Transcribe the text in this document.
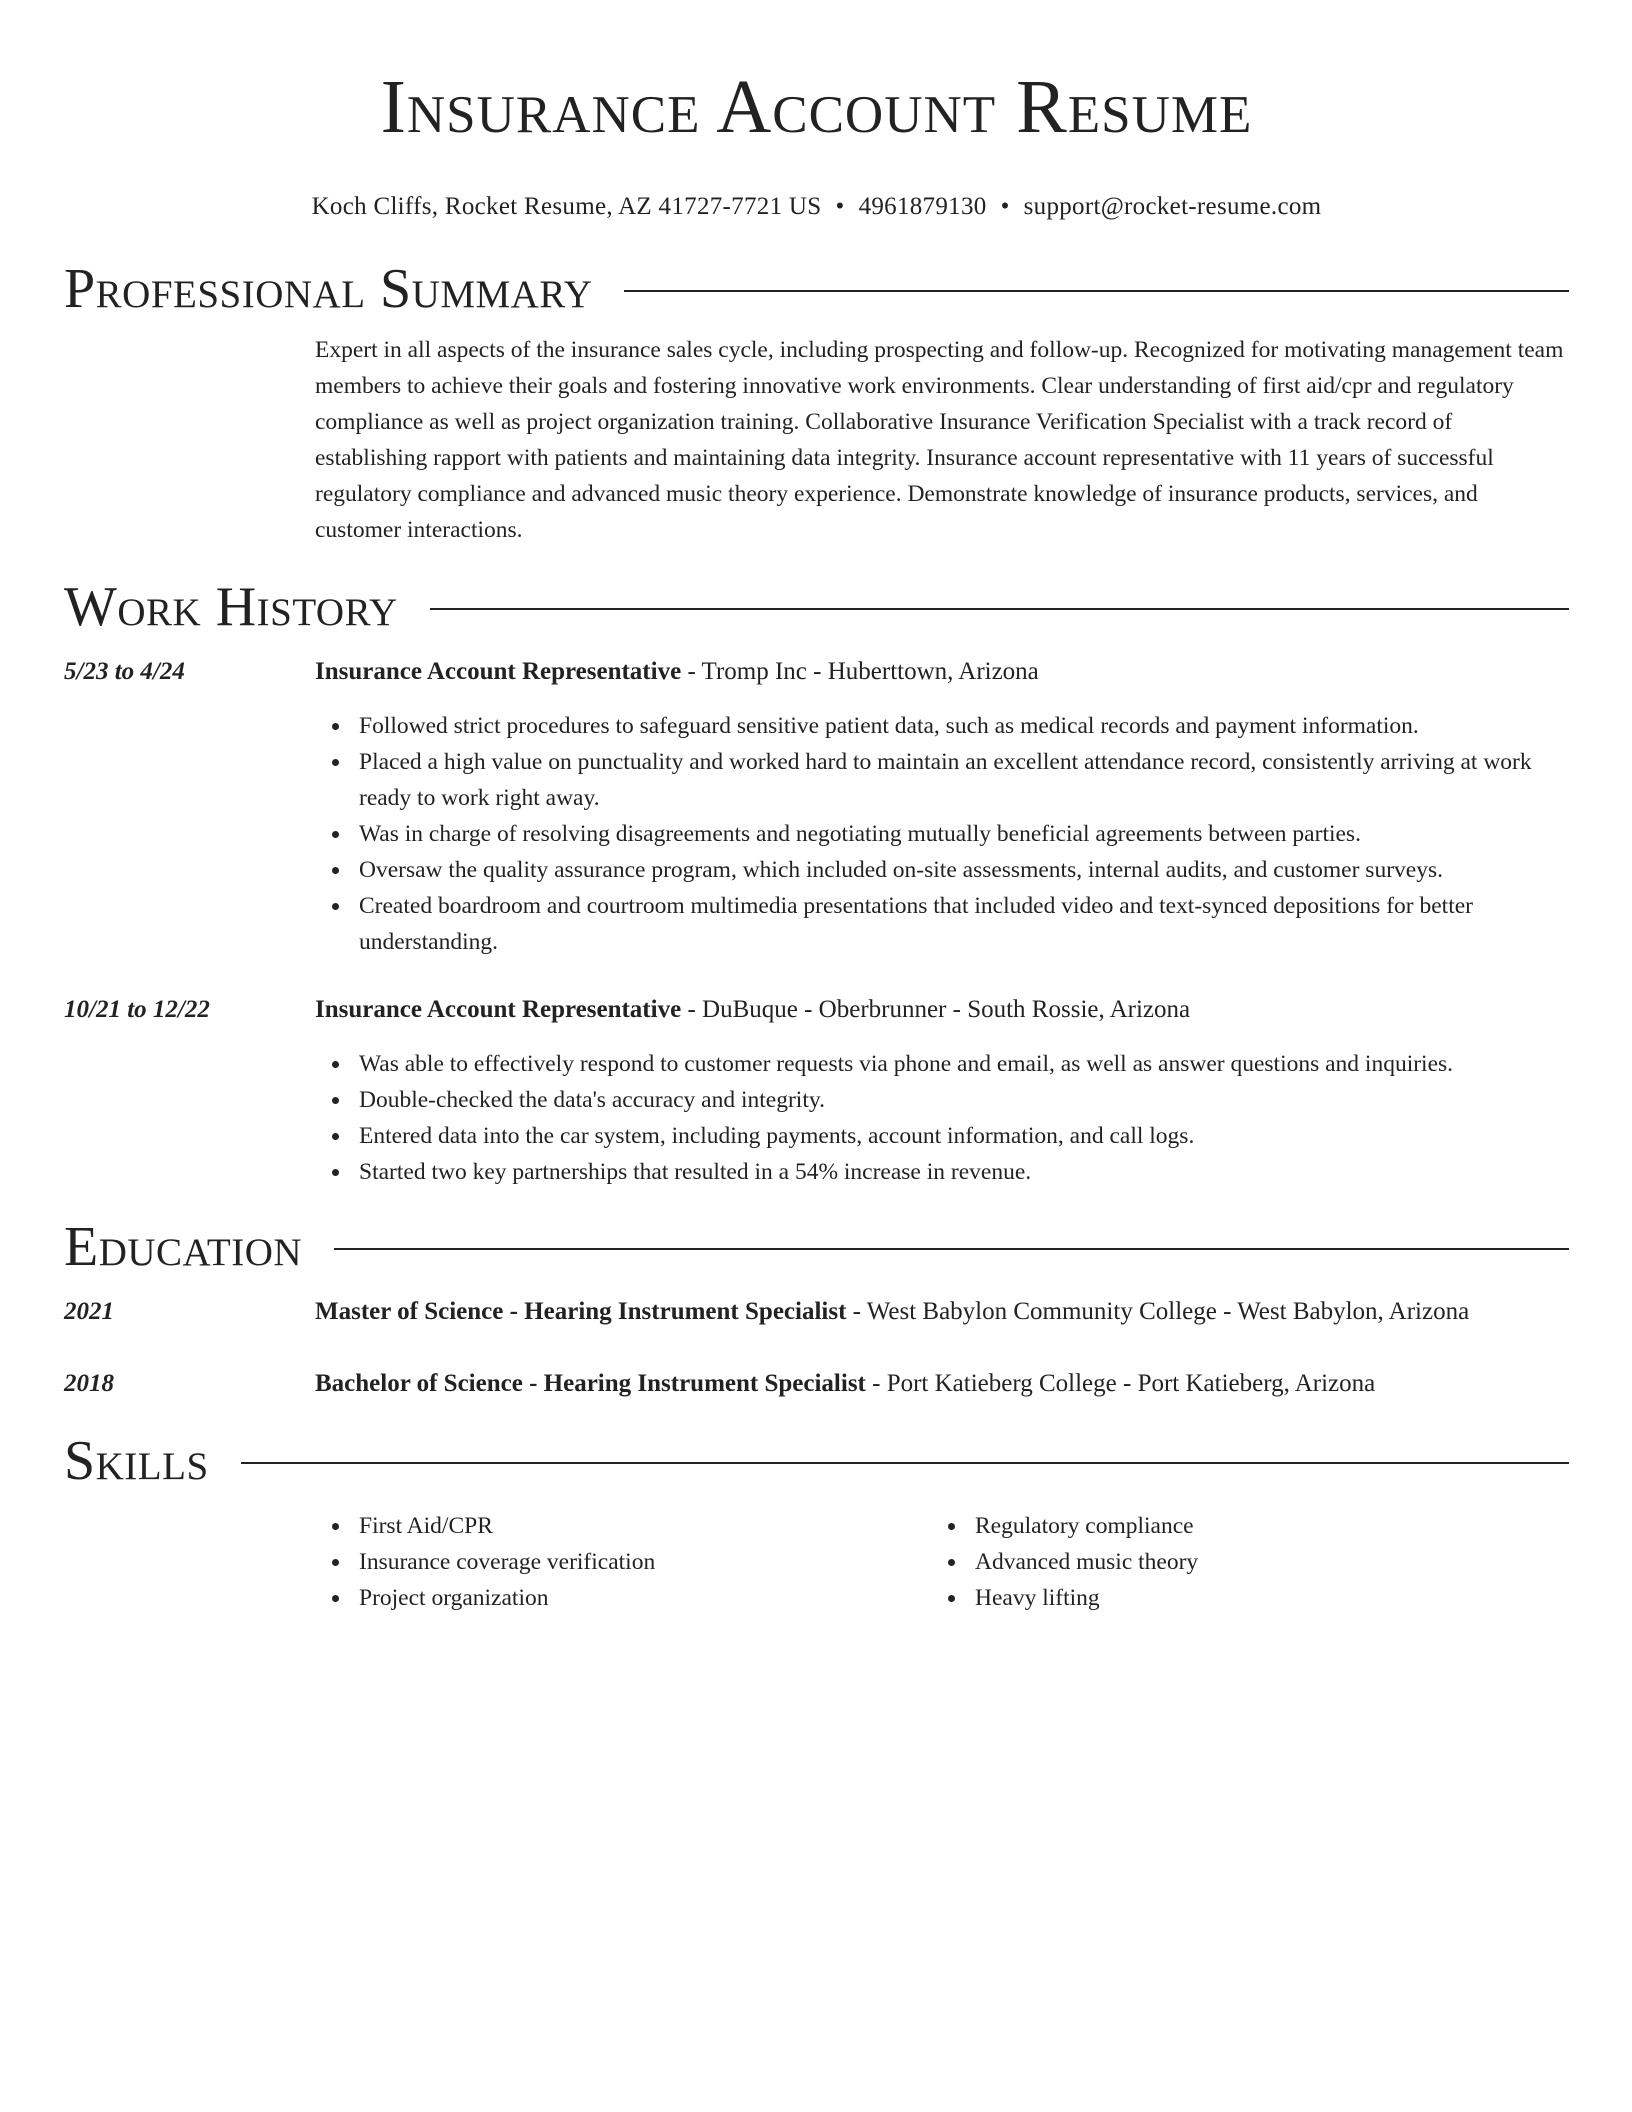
Insurance Account Resume
Koch Cliffs, Rocket Resume, AZ 41727-7721 US • 4961879130 • support@rocket-resume.com
Professional Summary

Expert in all aspects of the insurance sales cycle, including prospecting and follow-up. Recognized for motivating management team members to achieve their goals and fostering innovative work environments. Clear understanding of first aid/cpr and regulatory compliance as well as project organization training. Collaborative Insurance Verification Specialist with a track record of establishing rapport with patients and maintaining data integrity. Insurance account representative with 11 years of successful regulatory compliance and advanced music theory experience. Demonstrate knowledge of insurance products, services, and customer interactions.

Work History
5/23 to 4/24	Insurance Account Representative - Tromp Inc - Huberttown, Arizona
Followed strict procedures to safeguard sensitive patient data, such as medical records and payment information.
Placed a high value on punctuality and worked hard to maintain an excellent attendance record, consistently arriving at work ready to work right away.
Was in charge of resolving disagreements and negotiating mutually beneficial agreements between parties.
Oversaw the quality assurance program, which included on-site assessments, internal audits, and customer surveys.
Created boardroom and courtroom multimedia presentations that included video and text-synced depositions for better understanding.
10/21 to 12/22	Insurance Account Representative - DuBuque - Oberbrunner - South Rossie, Arizona
Was able to effectively respond to customer requests via phone and email, as well as answer questions and inquiries.
Double-checked the data's accuracy and integrity.
Entered data into the car system, including payments, account information, and call logs.
Started two key partnerships that resulted in a 54% increase in revenue.
Education
2021	Master of Science - Hearing Instrument Specialist - West Babylon Community College - West Babylon, Arizona
2018	Bachelor of Science - Hearing Instrument Specialist - Port Katieberg College - Port Katieberg, Arizona
Skills
First Aid/CPR
Insurance coverage verification
Project organization
Regulatory compliance
Advanced music theory
Heavy lifting
